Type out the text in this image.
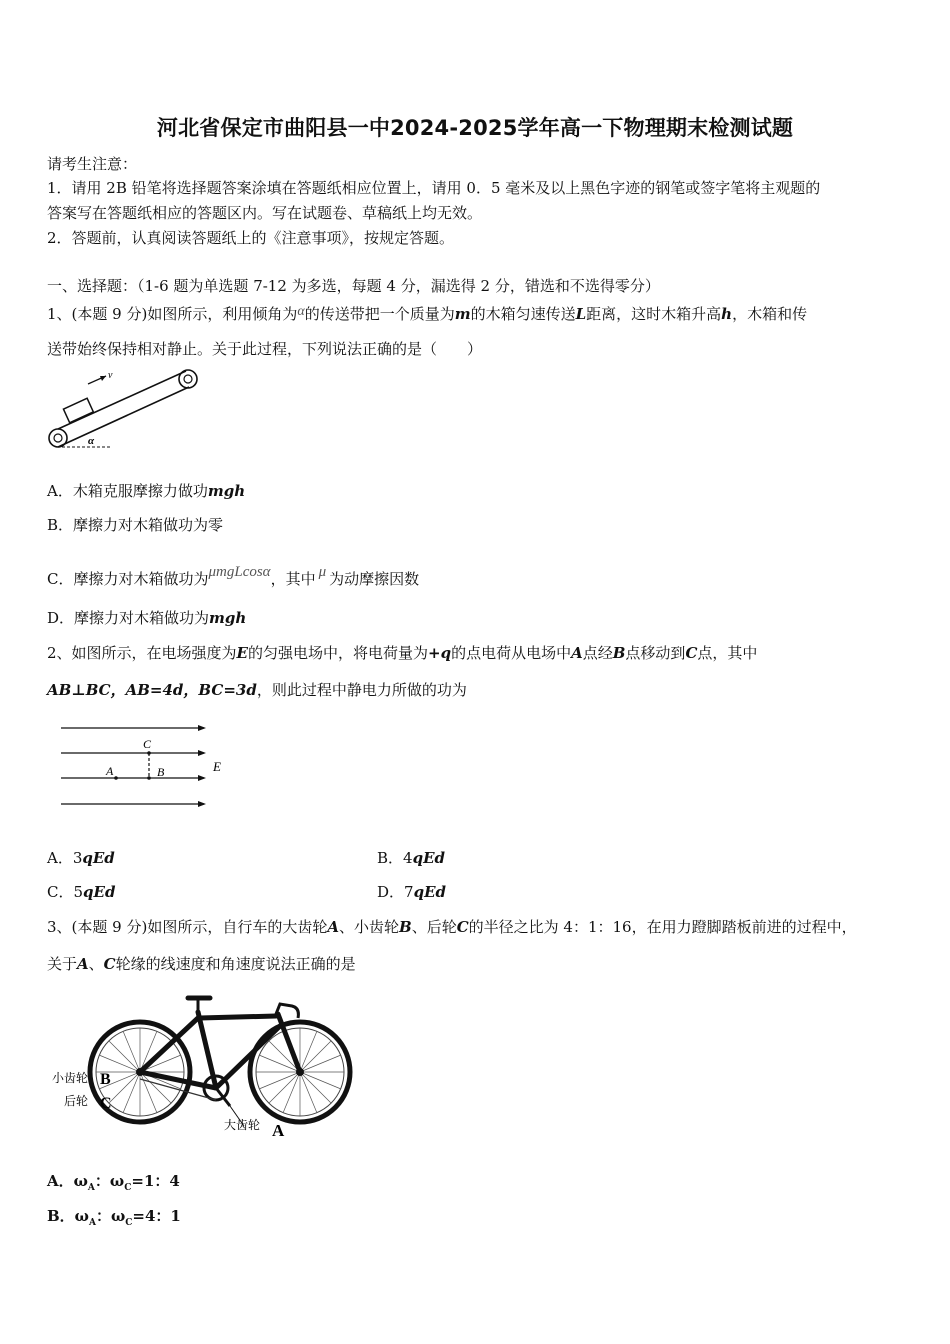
河北省保定市曲阳县一中2024-2025学年高一下物理期末检测试题
请考生注意：
1．请用 2B 铅笔将选择题答案涂填在答题纸相应位置上，请用 0．5 毫米及以上黑色字迹的钢笔或签字笔将主观题的
答案写在答题纸相应的答题区内。写在试题卷、草稿纸上均无效。
2．答题前，认真阅读答题纸上的《注意事项》，按规定答题。
一、选择题：（1-6 题为单选题 7-12 为多选，每题 4 分，漏选得 2 分，错选和不选得零分）
1、(本题 9 分)如图所示，利用倾角为α的传送带把一个质量为m的木箱匀速传送L距离，这时木箱升高h，木箱和传
送带始终保持相对静止。关于此过程，下列说法正确的是（　　）
v
α
A．木箱克服摩擦力做功mgh
B．摩擦力对木箱做功为零
C．摩擦力对木箱做功为μmgLcosα，其中 μ 为动摩擦因数
D．摩擦力对木箱做功为mgh
2、如图所示，在电场强度为E的匀强电场中，将电荷量为+q的点电荷从电场中A点经B点移动到C点，其中
AB⊥BC，AB=4d，BC=3d，则此过程中静电力所做的功为
C
A	B	E
A．3qEd	B．4qEd
C．5qEd	D．7qEd
3、(本题 9 分)如图所示，自行车的大齿轮A、小齿轮B、后轮C的半径之比为 4：1：16，在用力蹬脚踏板前进的过程中，
关于A、C轮缘的线速度和角速度说法正确的是
小齿轮 B
后轮 C
大齿轮 A
A．$\omega_A$：$\omega_C=1$：4
B．$\omega_A$：$\omega_C=4$：1
